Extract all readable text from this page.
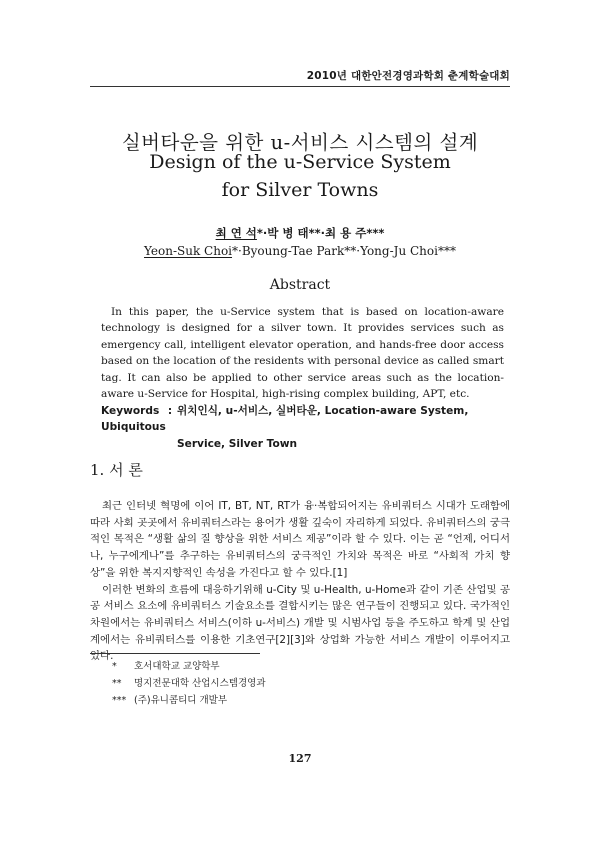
2010년 대한안전경영과학회 춘계학술대회
실버타운을 위한 u-서비스 시스템의 설계
Design of the u-Service System
for Silver Towns
최 연 석*·박 병 태**·최 용 주***
Yeon-Suk Choi*·Byoung-Tae Park**·Yong-Ju Choi***
Abstract
In this paper, the u-Service system that is based on location-aware technology is designed for a silver town. It provides services such as emergency call, intelligent elevator operation, and hands-free door access based on the location of the residents with personal device as called smart tag. It can also be applied to other service areas such as the location-aware u-Service for Hospital, high-rising complex building, APT, etc.
Keywords : 위치인식, u-서비스, 실버타운, Location-aware System, Ubiquitous
Service, Silver Town
1. 서 론

최근 인터넷 혁명에 이어 IT, BT, NT, RT가 융·복합되어지는 유비쿼터스 시대가 도래함에 따라 사회 곳곳에서 유비쿼터스라는 용어가 생활 깊숙이 자리하게 되었다. 유비쿼터스의 궁극적인 목적은 “생활 삶의 질 향상을 위한 서비스 제공”이라 할 수 있다. 이는 곧 “언제, 어디서나, 누구에게나”를 추구하는 유비쿼터스의 궁극적인 가치와 목적은 바로 “사회적 가치 향상”을 위한 복지지향적인 속성을 가진다고 할 수 있다.[1]

이러한 변화의 흐름에 대응하기위해 u-City 및 u-Health, u-Home과 같이 기존 산업및 공공 서비스 요소에 유비쿼터스 기술요소를 결합시키는 많은 연구들이 진행되고 있다. 국가적인 차원에서는 유비쿼터스 서비스(이하 u-서비스) 개발 및 시범사업 등을 주도하고 학계 및 산업계에서는 유비쿼터스를 이용한 기초연구[2][3]와 상업화 가능한 서비스 개발이 이루어지고 있다.

* 호서대학교 교양학부
** 명지전문대학 산업시스템경영과
*** (주)유니콤티디 개발부
127
